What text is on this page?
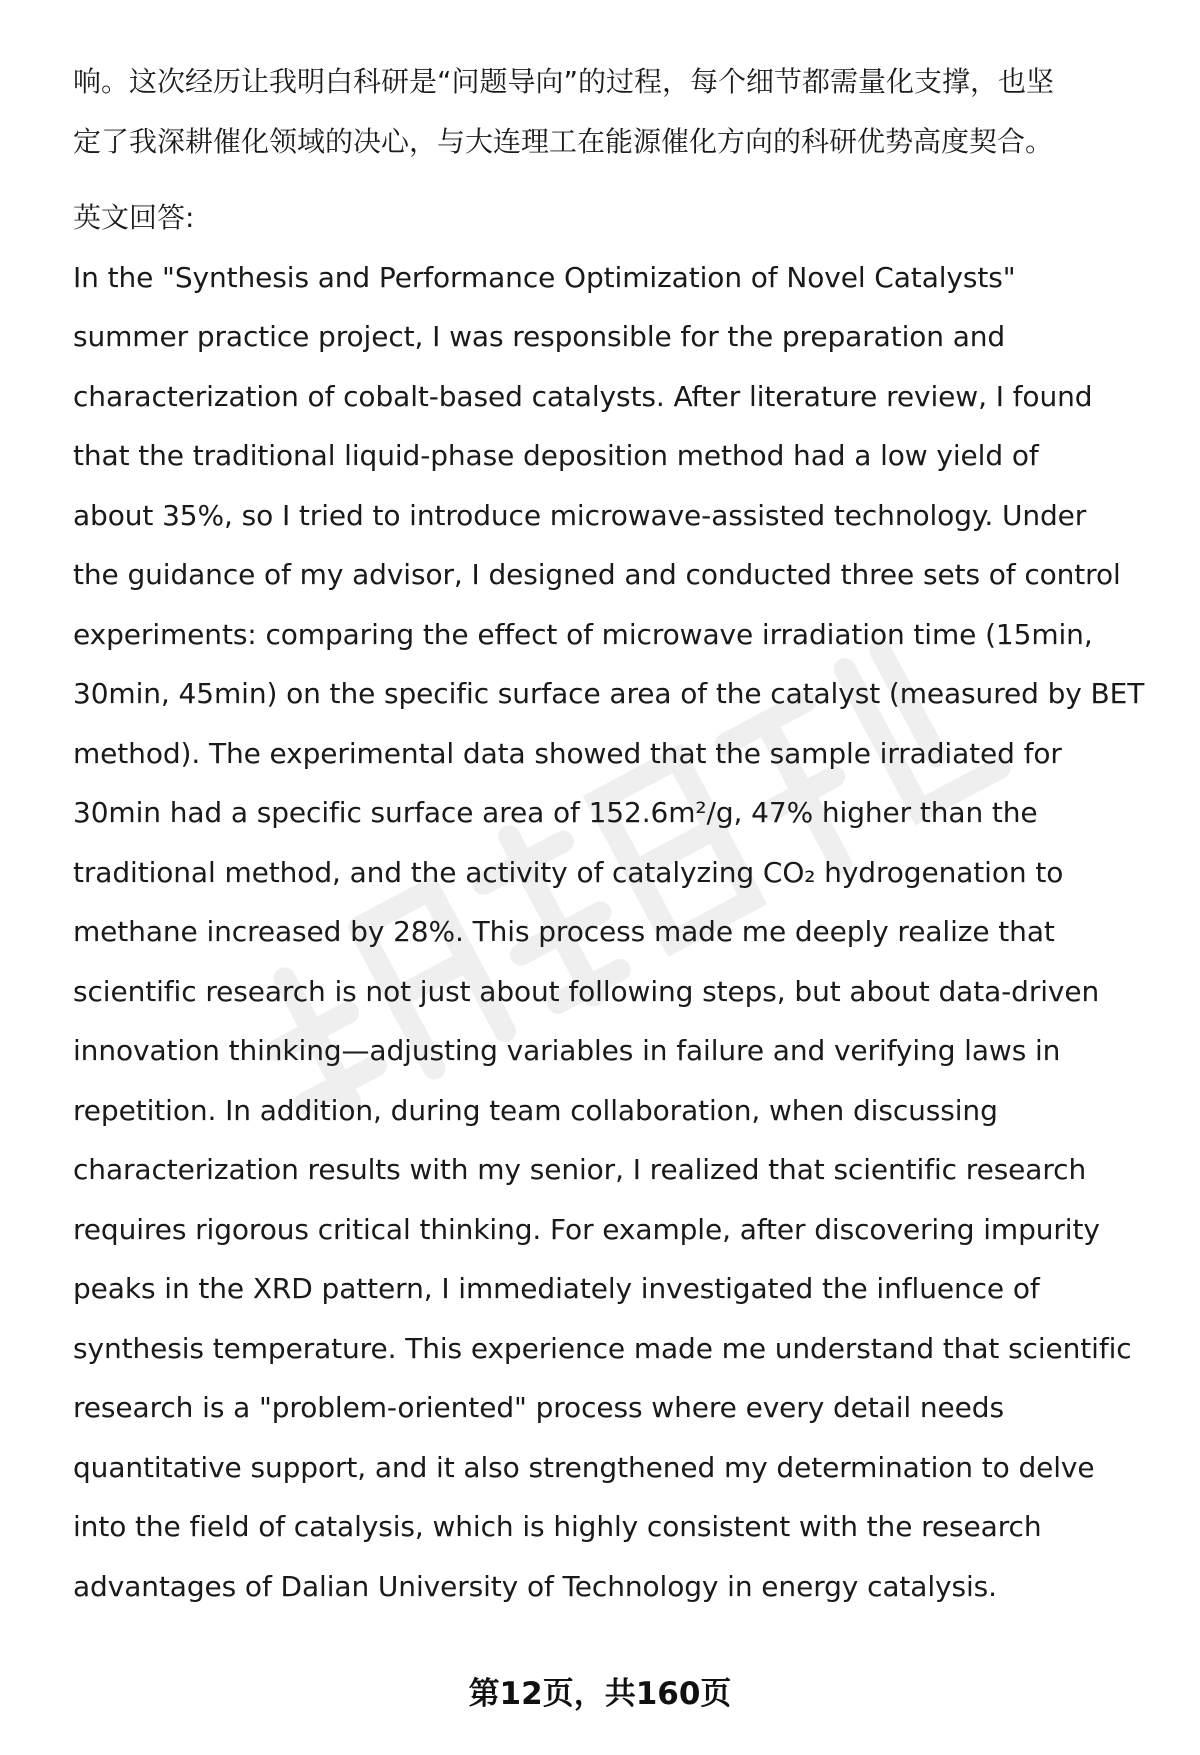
响。这次经历让我明白科研是“问题导向”的过程，每个细节都需量化支撑，也坚
定了我深耕催化领域的决心，与大连理工在能源催化方向的科研优势高度契合。

英文回答:

In the "Synthesis and Performance Optimization of Novel Catalysts"
summer practice project, I was responsible for the preparation and
characterization of cobalt-based catalysts. After literature review, I found
that the traditional liquid-phase deposition method had a low yield of
about 35%, so I tried to introduce microwave-assisted technology. Under
the guidance of my advisor, I designed and conducted three sets of control
experiments: comparing the effect of microwave irradiation time (15min,
30min, 45min) on the specific surface area of the catalyst (measured by BET
method). The experimental data showed that the sample irradiated for
30min had a specific surface area of 152.6m²/g, 47% higher than the
traditional method, and the activity of catalyzing CO₂ hydrogenation to
methane increased by 28%. This process made me deeply realize that
scientific research is not just about following steps, but about data-driven
innovation thinking—adjusting variables in failure and verifying laws in
repetition. In addition, during team collaboration, when discussing
characterization results with my senior, I realized that scientific research
requires rigorous critical thinking. For example, after discovering impurity
peaks in the XRD pattern, I immediately investigated the influence of
synthesis temperature. This experience made me understand that scientific
research is a "problem-oriented" process where every detail needs
quantitative support, and it also strengthened my determination to delve
into the field of catalysis, which is highly consistent with the research
advantages of Dalian University of Technology in energy catalysis.

第12页，共160页
